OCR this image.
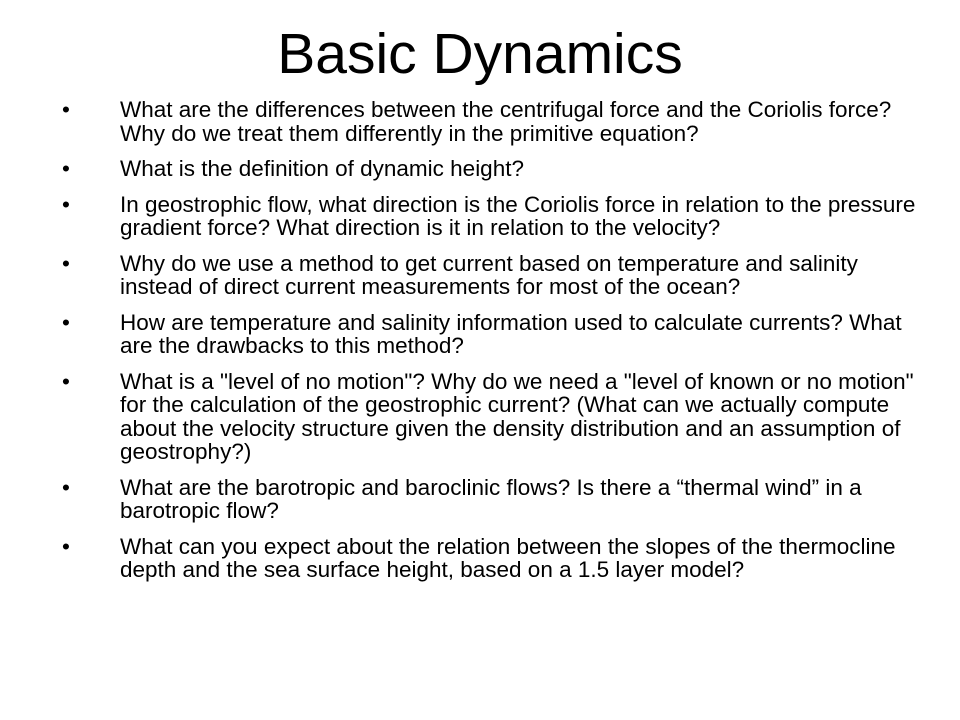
Basic Dynamics
•	What are the differences between the centrifugal force and the Coriolis force? Why do we treat them differently in the primitive equation?
•	What is the definition of dynamic height?
•	In geostrophic flow, what direction is the Coriolis force in relation to the pressure gradient force? What direction is it in relation to the velocity?
•	Why do we use a method to get current based on temperature and salinity instead of direct current measurements for most of the ocean?
•	How are temperature and salinity information used to calculate currents? What are the drawbacks to this method?
•	What is a "level of no motion"? Why do we need a "level of known or no motion" for the calculation of the geostrophic current? (What can we actually compute about the velocity structure given the density distribution and an assumption of geostrophy?)
•	What are the barotropic and baroclinic flows? Is there a “thermal wind” in a barotropic flow?
•	What can you expect about the relation between the slopes of the thermocline depth and the sea surface height, based on a 1.5 layer model?
